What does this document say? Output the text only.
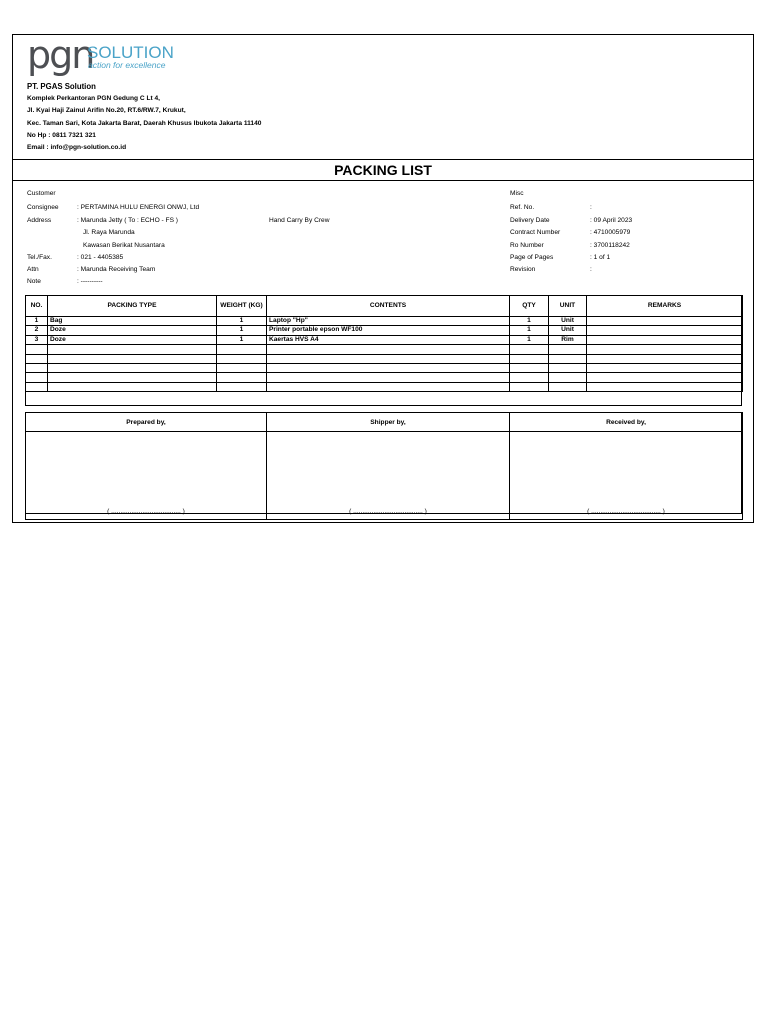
pgn
SOLUTION
action for excellence
PT. PGAS Solution
Komplek Perkantoran PGN Gedung C Lt 4,
Jl. Kyai Haji Zainul Arifin No.20, RT.6/RW.7, Krukut,
Kec. Taman Sari, Kota Jakarta Barat, Daerah Khusus Ibukota Jakarta 11140
No Hp : 0811 7321 321
Email : info@pgn-solution.co.id
PACKING LIST
Customer
Consignee	: PERTAMINA HULU ENERGI ONWJ, Ltd
Address	: Marunda Jetty ( To : ECHO - FS )
Jl. Raya Marunda
Kawasan Berikat Nusantara
Hand Carry By Crew
Tel./Fax.	: 021 - 4405385
Attn	: Marunda Receiving Team
Note	: ----------
Misc
Ref. No.	:
Delivery Date	: 09 April 2023
Contract Number	: 4710005979
Ro Number	: 3700118242
Page of Pages	: 1 of 1
Revision	:
NO.	PACKING TYPE	WEIGHT (KG)	CONTENTS	QTY	UNIT	REMARKS
1	Bag	1	Laptop "Hp"	1	Unit	
2	Doze	1	Printer portable epson WF100	1	Unit	
3	Doze	1	Kaertas HVS A4	1	Rim	

Prepared by,	Shipper by,	Received by,
( ...................................... )	( ...................................... )	( ...................................... )
